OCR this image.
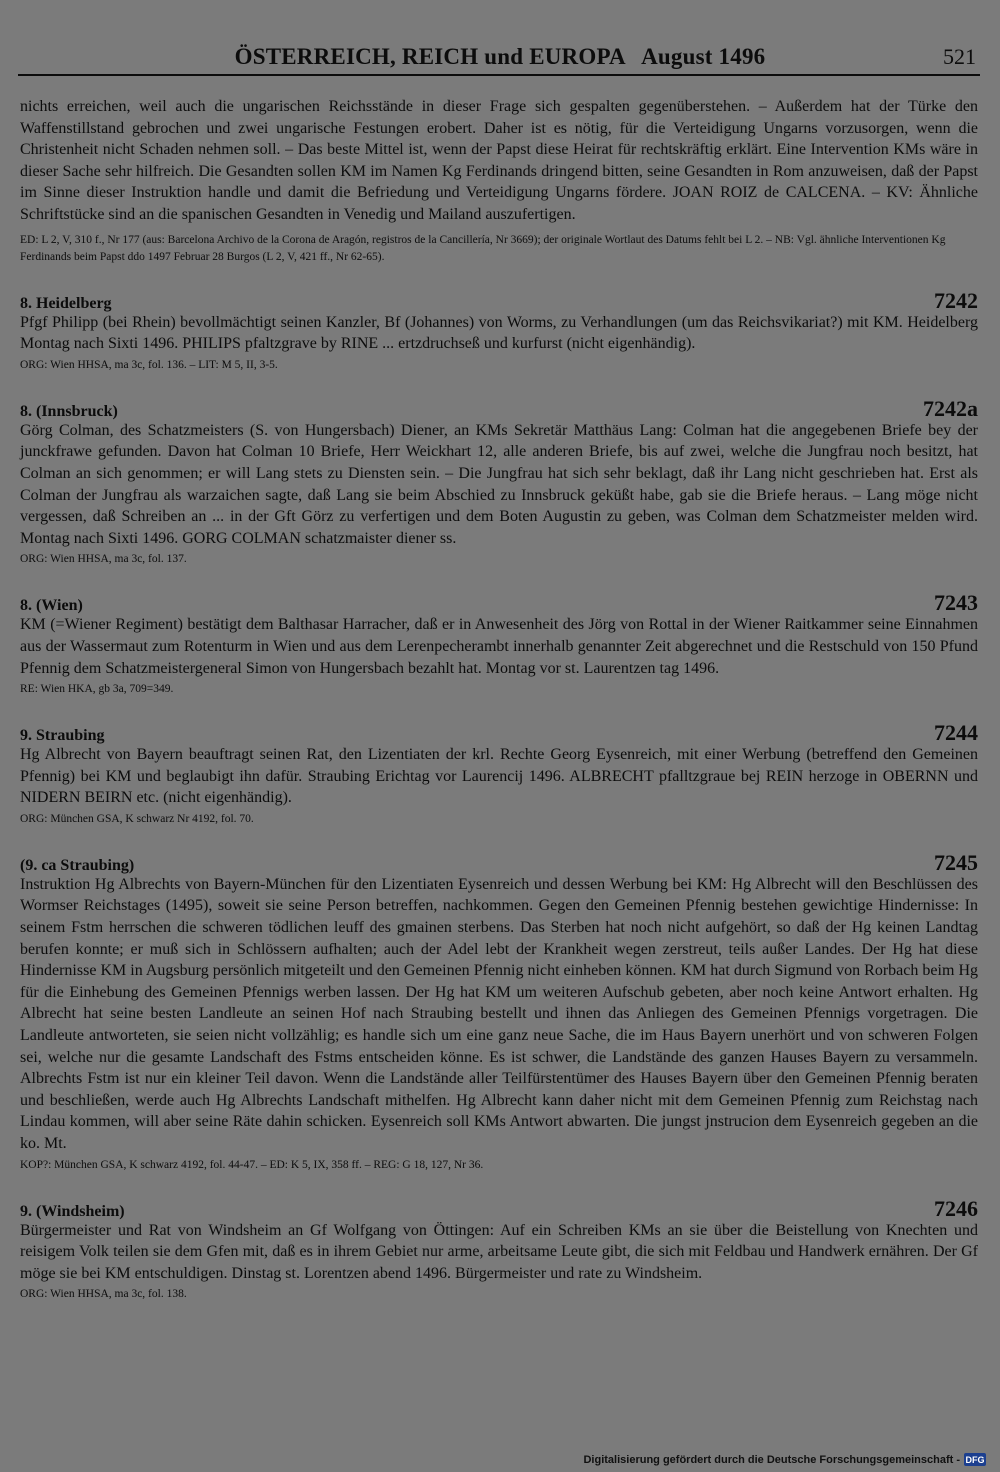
ÖSTERREICH, REICH und EUROPA   August 1496	521

nichts erreichen, weil auch die ungarischen Reichsstände in dieser Frage sich gespalten gegenüberstehen. – Außerdem hat der Türke den Waffenstillstand gebrochen und zwei ungarische Festungen erobert. Daher ist es nötig, für die Verteidigung Ungarns vorzusorgen, wenn die Christenheit nicht Schaden nehmen soll. – Das beste Mittel ist, wenn der Papst diese Heirat für rechtskräftig erklärt. Eine Intervention KMs wäre in dieser Sache sehr hilfreich. Die Gesandten sollen KM im Namen Kg Ferdinands dringend bitten, seine Gesandten in Rom anzuweisen, daß der Papst im Sinne dieser Instruktion handle und damit die Befriedung und Verteidigung Ungarns fördere. JOAN ROIZ de CALCENA. – KV: Ähnliche Schriftstücke sind an die spanischen Gesandten in Venedig und Mailand auszufertigen.

ED: L 2, V, 310 f., Nr 177 (aus: Barcelona Archivo de la Corona de Aragón, registros de la Cancillería, Nr 3669); der originale Wortlaut des Datums fehlt bei L 2. – NB: Vgl. ähnliche Interventionen Kg Ferdinands beim Papst ddo 1497 Februar 28 Burgos (L 2, V, 421 ff., Nr 62-65).

8. Heidelberg	7242

Pfgf Philipp (bei Rhein) bevollmächtigt seinen Kanzler, Bf (Johannes) von Worms, zu Verhandlungen (um das Reichsvikariat?) mit KM. Heidelberg Montag nach Sixti 1496. PHILIPS pfaltzgrave by RINE ... ertzdruchseß und kurfurst (nicht eigenhändig).

ORG: Wien HHSA, ma 3c, fol. 136. – LIT: M 5, II, 3-5.

8. (Innsbruck)	7242a

Görg Colman, des Schatzmeisters (S. von Hungersbach) Diener, an KMs Sekretär Matthäus Lang: Colman hat die angegebenen Briefe bey der junckfrawe gefunden. Davon hat Colman 10 Briefe, Herr Weickhart 12, alle anderen Briefe, bis auf zwei, welche die Jungfrau noch besitzt, hat Colman an sich genommen; er will Lang stets zu Diensten sein. – Die Jungfrau hat sich sehr beklagt, daß ihr Lang nicht geschrieben hat. Erst als Colman der Jungfrau als warzaichen sagte, daß Lang sie beim Abschied zu Innsbruck geküßt habe, gab sie die Briefe heraus. – Lang möge nicht vergessen, daß Schreiben an ... in der Gft Görz zu verfertigen und dem Boten Augustin zu geben, was Colman dem Schatzmeister melden wird. Montag nach Sixti 1496. GORG COLMAN schatzmaister diener ss.

ORG: Wien HHSA, ma 3c, fol. 137.

8. (Wien)	7243

KM (=Wiener Regiment) bestätigt dem Balthasar Harracher, daß er in Anwesenheit des Jörg von Rottal in der Wiener Raitkammer seine Einnahmen aus der Wassermaut zum Rotenturm in Wien und aus dem Lerenpecherambt innerhalb genannter Zeit abgerechnet und die Restschuld von 150 Pfund Pfennig dem Schatzmeistergeneral Simon von Hungersbach bezahlt hat. Montag vor st. Laurentzen tag 1496.

RE: Wien HKA, gb 3a, 709=349.

9. Straubing	7244

Hg Albrecht von Bayern beauftragt seinen Rat, den Lizentiaten der krl. Rechte Georg Eysenreich, mit einer Werbung (betreffend den Gemeinen Pfennig) bei KM und beglaubigt ihn dafür. Straubing Erichtag vor Laurencij 1496. ALBRECHT pfalltzgraue bej REIN herzoge in OBERNN und NIDERN BEIRN etc. (nicht eigenhändig).

ORG: München GSA, K schwarz Nr 4192, fol. 70.

(9. ca Straubing)	7245

Instruktion Hg Albrechts von Bayern-München für den Lizentiaten Eysenreich und dessen Werbung bei KM: Hg Albrecht will den Beschlüssen des Wormser Reichstages (1495), soweit sie seine Person betreffen, nachkommen. Gegen den Gemeinen Pfennig bestehen gewichtige Hindernisse: In seinem Fstm herrschen die schweren tödlichen leuff des gmainen sterbens. Das Sterben hat noch nicht aufgehört, so daß der Hg keinen Landtag berufen konnte; er muß sich in Schlössern aufhalten; auch der Adel lebt der Krankheit wegen zerstreut, teils außer Landes. Der Hg hat diese Hindernisse KM in Augsburg persönlich mitgeteilt und den Gemeinen Pfennig nicht einheben können. KM hat durch Sigmund von Rorbach beim Hg für die Einhebung des Gemeinen Pfennigs werben lassen. Der Hg hat KM um weiteren Aufschub gebeten, aber noch keine Antwort erhalten. Hg Albrecht hat seine besten Landleute an seinen Hof nach Straubing bestellt und ihnen das Anliegen des Gemeinen Pfennigs vorgetragen. Die Landleute antworteten, sie seien nicht vollzählig; es handle sich um eine ganz neue Sache, die im Haus Bayern unerhört und von schweren Folgen sei, welche nur die gesamte Landschaft des Fstms entscheiden könne. Es ist schwer, die Landstände des ganzen Hauses Bayern zu versammeln. Albrechts Fstm ist nur ein kleiner Teil davon. Wenn die Landstände aller Teilfürstentümer des Hauses Bayern über den Gemeinen Pfennig beraten und beschließen, werde auch Hg Albrechts Landschaft mithelfen. Hg Albrecht kann daher nicht mit dem Gemeinen Pfennig zum Reichstag nach Lindau kommen, will aber seine Räte dahin schicken. Eysenreich soll KMs Antwort abwarten. Die jungst jnstrucion dem Eysenreich gegeben an die ko. Mt.

KOP?: München GSA, K schwarz 4192, fol. 44-47. – ED: K 5, IX, 358 ff. – REG: G 18, 127, Nr 36.

9. (Windsheim)	7246

Bürgermeister und Rat von Windsheim an Gf Wolfgang von Öttingen: Auf ein Schreiben KMs an sie über die Beistellung von Knechten und reisigem Volk teilen sie dem Gfen mit, daß es in ihrem Gebiet nur arme, arbeitsame Leute gibt, die sich mit Feldbau und Handwerk ernähren. Der Gf möge sie bei KM entschuldigen. Dinstag st. Lorentzen abend 1496. Bürgermeister und rate zu Windsheim.

ORG: Wien HHSA, ma 3c, fol. 138.

Digitalisierung gefördert durch die Deutsche Forschungsgemeinschaft - DFG
